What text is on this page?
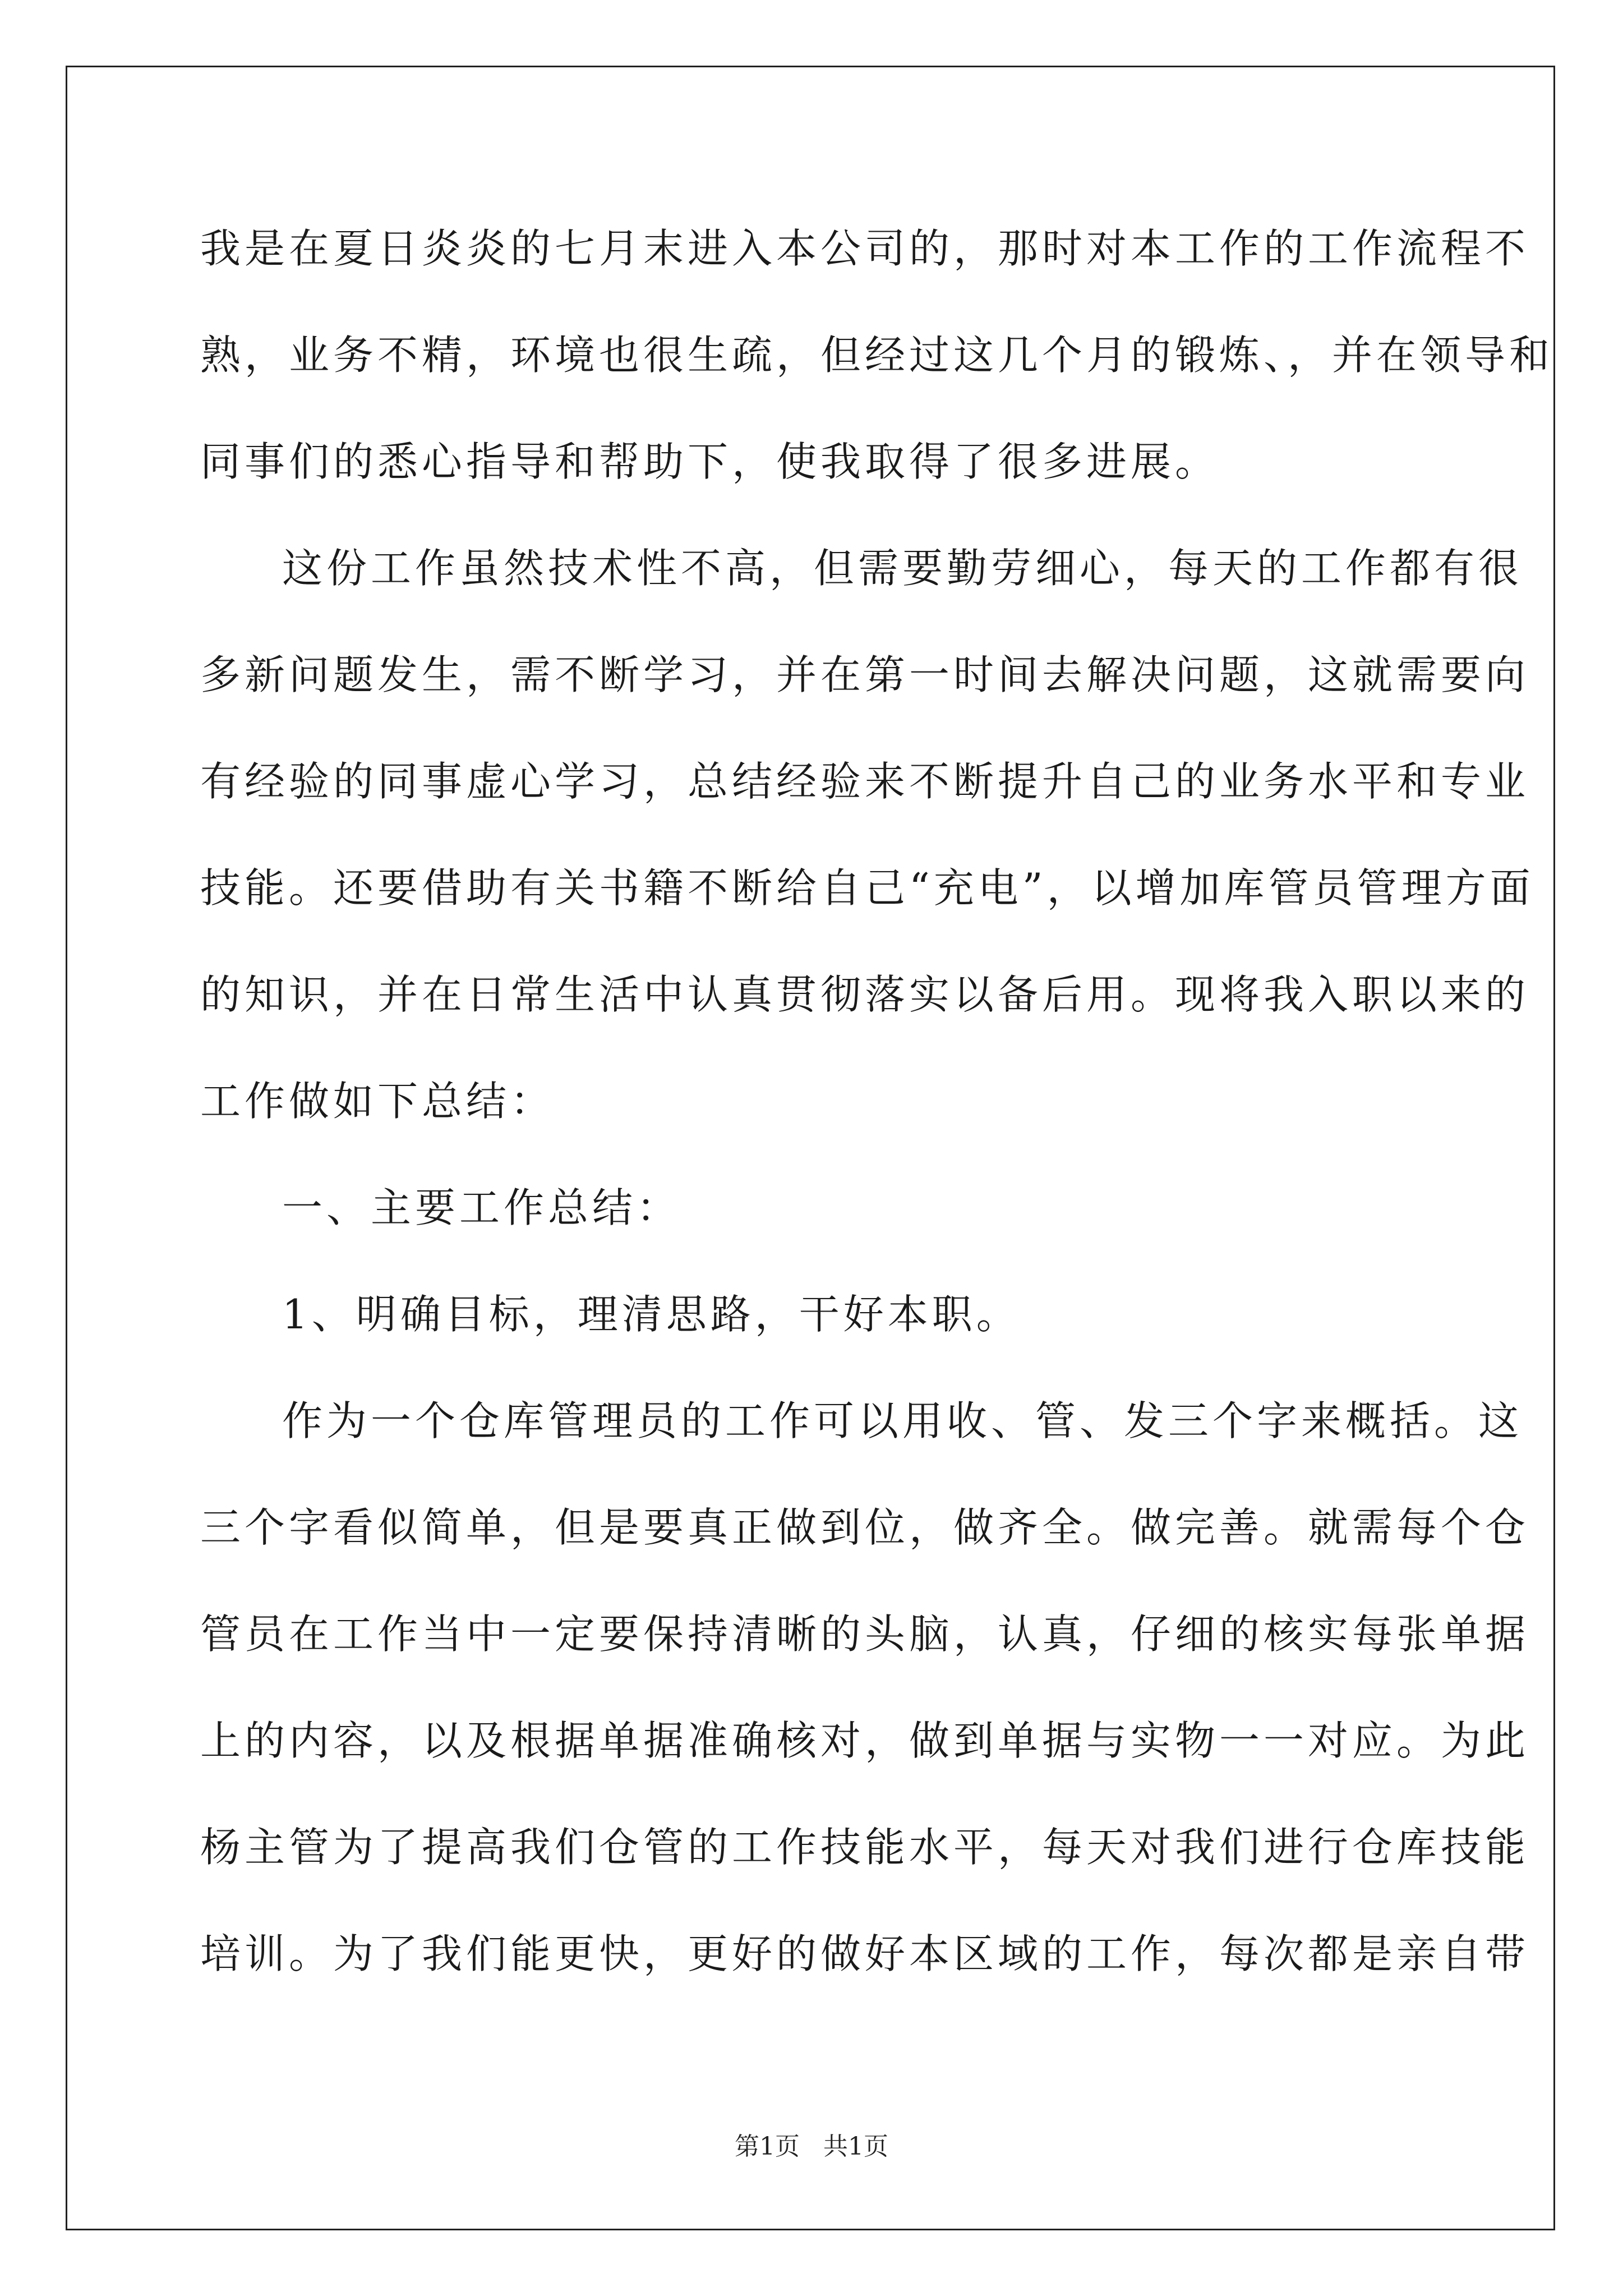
我是在夏日炎炎的七月末进入本公司的，那时对本工作的工作流程不
熟，业务不精，环境也很生疏，但经过这几个月的锻炼、，并在领导和
同事们的悉心指导和帮助下，使我取得了很多进展。
这份工作虽然技术性不高，但需要勤劳细心，每天的工作都有很
多新问题发生，需不断学习，并在第一时间去解决问题，这就需要向
有经验的同事虚心学习，总结经验来不断提升自己的业务水平和专业
技能。还要借助有关书籍不断给自己“充电”，以增加库管员管理方面
的知识，并在日常生活中认真贯彻落实以备后用。现将我入职以来的
工作做如下总结：
一、主要工作总结：
1、明确目标，理清思路，干好本职。
作为一个仓库管理员的工作可以用收、管、发三个字来概括。这
三个字看似简单，但是要真正做到位，做齐全。做完善。就需每个仓
管员在工作当中一定要保持清晰的头脑，认真，仔细的核实每张单据
上的内容，以及根据单据准确核对，做到单据与实物一一对应。为此
杨主管为了提高我们仓管的工作技能水平，每天对我们进行仓库技能
培训。为了我们能更快，更好的做好本区域的工作，每次都是亲自带
第1页 共1页
